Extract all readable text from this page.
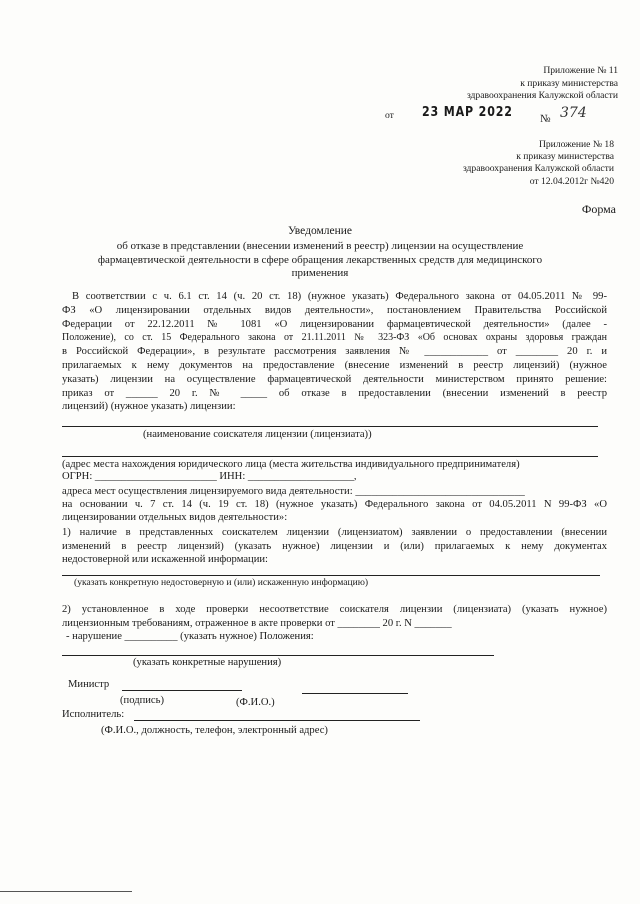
Приложение № 11
к приказу министерства
здравоохранения Калужской области
от 23 МАР 2022 № 374
Приложение № 18
к приказу министерства
здравоохранения Калужской области
от 12.04.2012г №420
Форма
Уведомление
об отказе в представлении (внесении изменений в реестр) лицензии на осуществление
фармацевтической деятельности в сфере обращения лекарственных средств для медицинского
применения
В соответствии с ч. 6.1 ст. 14 (ч. 20 ст. 18) (нужное указать) Федерального закона от 04.05.2011 № 99-
ФЗ «О лицензировании отдельных видов деятельности», постановлением Правительства Российской
Федерации от 22.12.2011 № 1081 «О лицензировании фармацевтической деятельности» (далее -
Положение), со ст. 15 Федерального закона от 21.11.2011 № 323-ФЗ «Об основах охраны здоровья граждан
в Российской Федерации», в результате рассмотрения заявления № ____________ от ________ 20 г. и
прилагаемых к нему документов на предоставление (внесение изменений в реестр лицензий) (нужное
указать) лицензии на осуществление фармацевтической деятельности министерством принято решение:
приказ от ______ 20 г. № _____ об отказе в предоставлении (внесении изменений в реестр
лицензий) (нужное указать) лицензии:
(наименование соискателя лицензии (лицензиата))
(адрес места нахождения юридического лица (места жительства индивидуального предпринимателя)
ОГРН: _______________________ ИНН: ____________________,
адреса мест осуществления лицензируемого вида деятельности: ________________________________
на основании ч. 7 ст. 14 (ч. 19 ст. 18) (нужное указать) Федерального закона от 04.05.2011 N 99-ФЗ «О
лицензировании отдельных видов деятельности»:
1) наличие в представленных соискателем лицензии (лицензиатом) заявлении о предоставлении (внесении
изменений в реестр лицензий) (указать нужное) лицензии и (или) прилагаемых к нему документах
недостоверной или искаженной информации:
(указать конкретную недостоверную и (или) искаженную информацию)
2) установленное в ходе проверки несоответствие соискателя лицензии (лицензиата) (указать нужное)
лицензионным требованиям, отраженное в акте проверки от ________ 20 г. N _______
- нарушение __________ (указать нужное) Положения:
(указать конкретные нарушения)
Министр
(подпись)	(Ф.И.О.)
Исполнитель:
(Ф.И.О., должность, телефон, электронный адрес)
